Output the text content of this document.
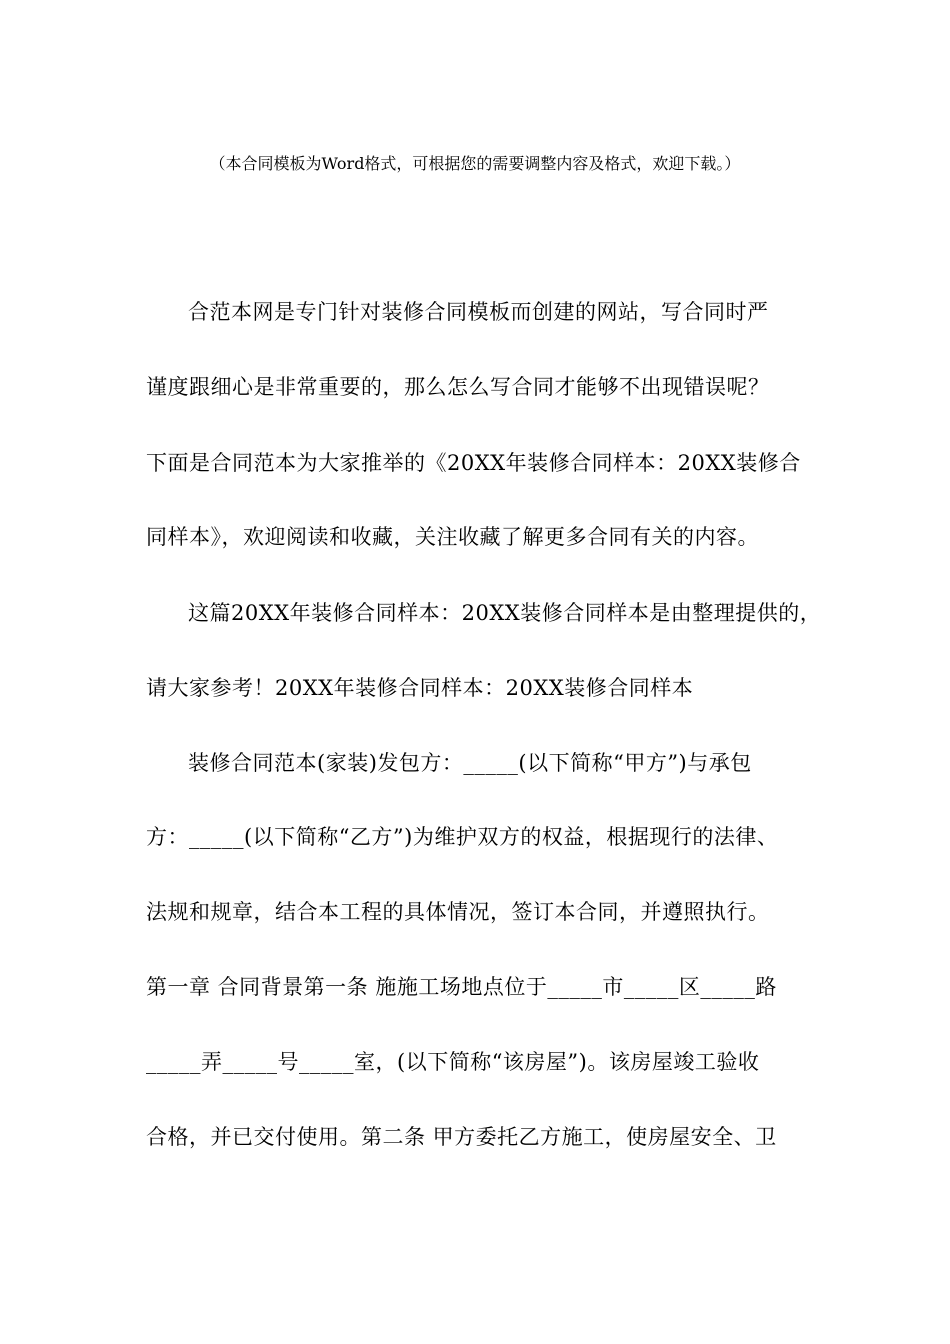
（本合同模板为Word格式，可根据您的需要调整内容及格式，欢迎下载。）
合范本网是专门针对装修合同模板而创建的网站，写合同时严
谨度跟细心是非常重要的，那么怎么写合同才能够不出现错误呢？
下面是合同范本为大家推举的《20XX年装修合同样本：20XX装修合
同样本》，欢迎阅读和收藏，关注收藏了解更多合同有关的内容。
这篇20XX年装修合同样本：20XX装修合同样本是由整理提供的，
请大家参考！20XX年装修合同样本：20XX装修合同样本
装修合同范本(家装)发包方：_____(以下简称“甲方”)与承包
方：_____(以下简称“乙方”)为维护双方的权益，根据现行的法律、
法规和规章，结合本工程的具体情况，签订本合同，并遵照执行。
第一章 合同背景第一条 施施工场地点位于_____市_____区_____路
_____弄_____号_____室，(以下简称“该房屋”)。该房屋竣工验收
合格，并已交付使用。第二条 甲方委托乙方施工，使房屋安全、卫
